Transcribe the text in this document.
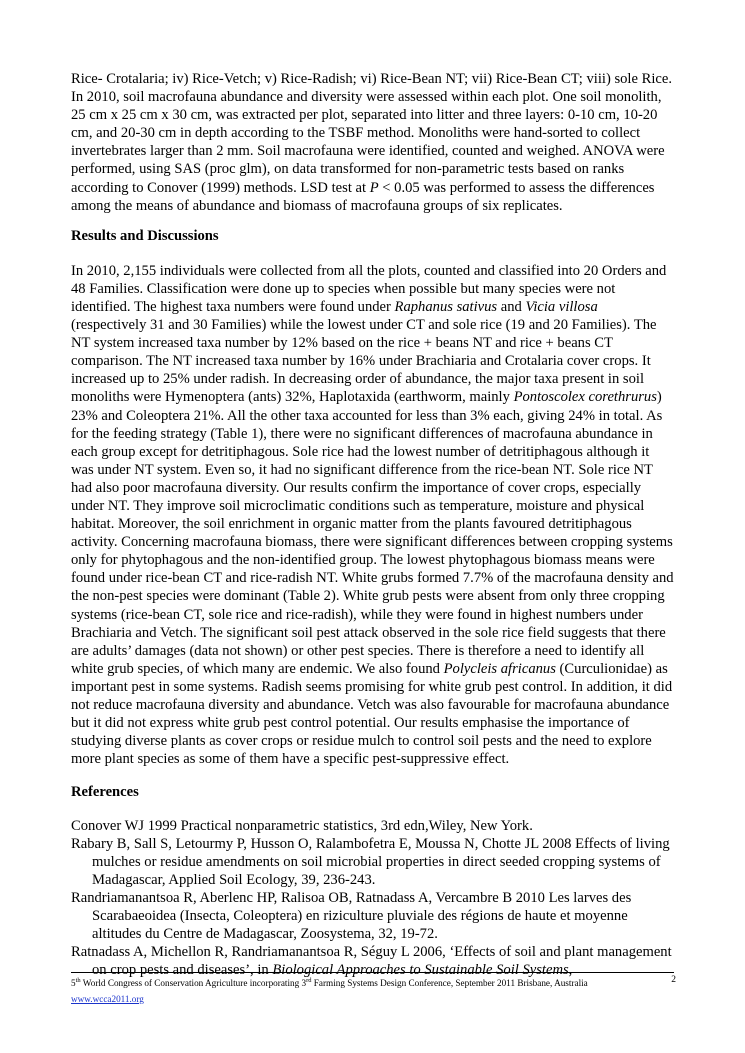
Rice- Crotalaria; iv) Rice-Vetch; v) Rice-Radish; vi) Rice-Bean NT; vii) Rice-Bean CT; viii) sole Rice. In 2010, soil macrofauna abundance and diversity were assessed within each plot. One soil monolith, 25 cm x 25 cm x 30 cm, was extracted per plot, separated into litter and three layers: 0-10 cm, 10-20 cm, and 20-30 cm in depth according to the TSBF method. Monoliths were hand-sorted to collect invertebrates larger than 2 mm. Soil macrofauna were identified, counted and weighed. ANOVA were performed, using SAS (proc glm), on data transformed for non-parametric tests based on ranks according to Conover (1999) methods. LSD test at P < 0.05 was performed to assess the differences among the means of abundance and biomass of macrofauna groups of six replicates.

Results and Discussions

In 2010, 2,155 individuals were collected from all the plots, counted and classified into 20 Orders and 48 Families. Classification were done up to species when possible but many species were not identified. The highest taxa numbers were found under Raphanus sativus and Vicia villosa (respectively 31 and 30 Families) while the lowest under CT and sole rice (19 and 20 Families). The NT system increased taxa number by 12% based on the rice + beans NT and rice + beans CT comparison. The NT increased taxa number by 16% under Brachiaria and Crotalaria cover crops. It increased up to 25% under radish. In decreasing order of abundance, the major taxa present in soil monoliths were Hymenoptera (ants) 32%, Haplotaxida (earthworm, mainly Pontoscolex corethrurus) 23% and Coleoptera 21%. All the other taxa accounted for less than 3% each, giving 24% in total. As for the feeding strategy (Table 1), there were no significant differences of macrofauna abundance in each group except for detritiphagous. Sole rice had the lowest number of detritiphagous although it was under NT system. Even so, it had no significant difference from the rice-bean NT. Sole rice NT had also poor macrofauna diversity. Our results confirm the importance of cover crops, especially under NT. They improve soil microclimatic conditions such as temperature, moisture and physical habitat. Moreover, the soil enrichment in organic matter from the plants favoured detritiphagous activity. Concerning macrofauna biomass, there were significant differences between cropping systems only for phytophagous and the non-identified group. The lowest phytophagous biomass means were found under rice-bean CT and rice-radish NT. White grubs formed 7.7% of the macrofauna density and the non-pest species were dominant (Table 2). White grub pests were absent from only three cropping systems (rice-bean CT, sole rice and rice-radish), while they were found in highest numbers under Brachiaria and Vetch. The significant soil pest attack observed in the sole rice field suggests that there are adults’ damages (data not shown) or other pest species. There is therefore a need to identify all white grub species, of which many are endemic. We also found Polycleis africanus (Curculionidae) as important pest in some systems. Radish seems promising for white grub pest control. In addition, it did not reduce macrofauna diversity and abundance. Vetch was also favourable for macrofauna abundance but it did not express white grub pest control potential. Our results emphasise the importance of studying diverse plants as cover crops or residue mulch to control soil pests and the need to explore more plant species as some of them have a specific pest-suppressive effect.

References

Conover WJ 1999 Practical nonparametric statistics, 3rd edn,Wiley, New York.

Rabary B, Sall S, Letourmy P, Husson O, Ralambofetra E, Moussa N, Chotte JL 2008 Effects of living mulches or residue amendments on soil microbial properties in direct seeded cropping systems of Madagascar, Applied Soil Ecology, 39, 236-243.

Randriamanantsoa R, Aberlenc HP, Ralisoa OB, Ratnadass A, Vercambre B 2010 Les larves des Scarabaeoidea (Insecta, Coleoptera) en riziculture pluviale des régions de haute et moyenne altitudes du Centre de Madagascar, Zoosystema, 32, 19-72.

Ratnadass A, Michellon R, Randriamanantsoa R, Séguy L 2006, ‘Effects of soil and plant management on crop pests and diseases’, in Biological Approaches to Sustainable Soil Systems,

5th World Congress of Conservation Agriculture incorporating 3rd Farming Systems Design Conference, September 2011 Brisbane, Australia	2
www.wcca2011.org
